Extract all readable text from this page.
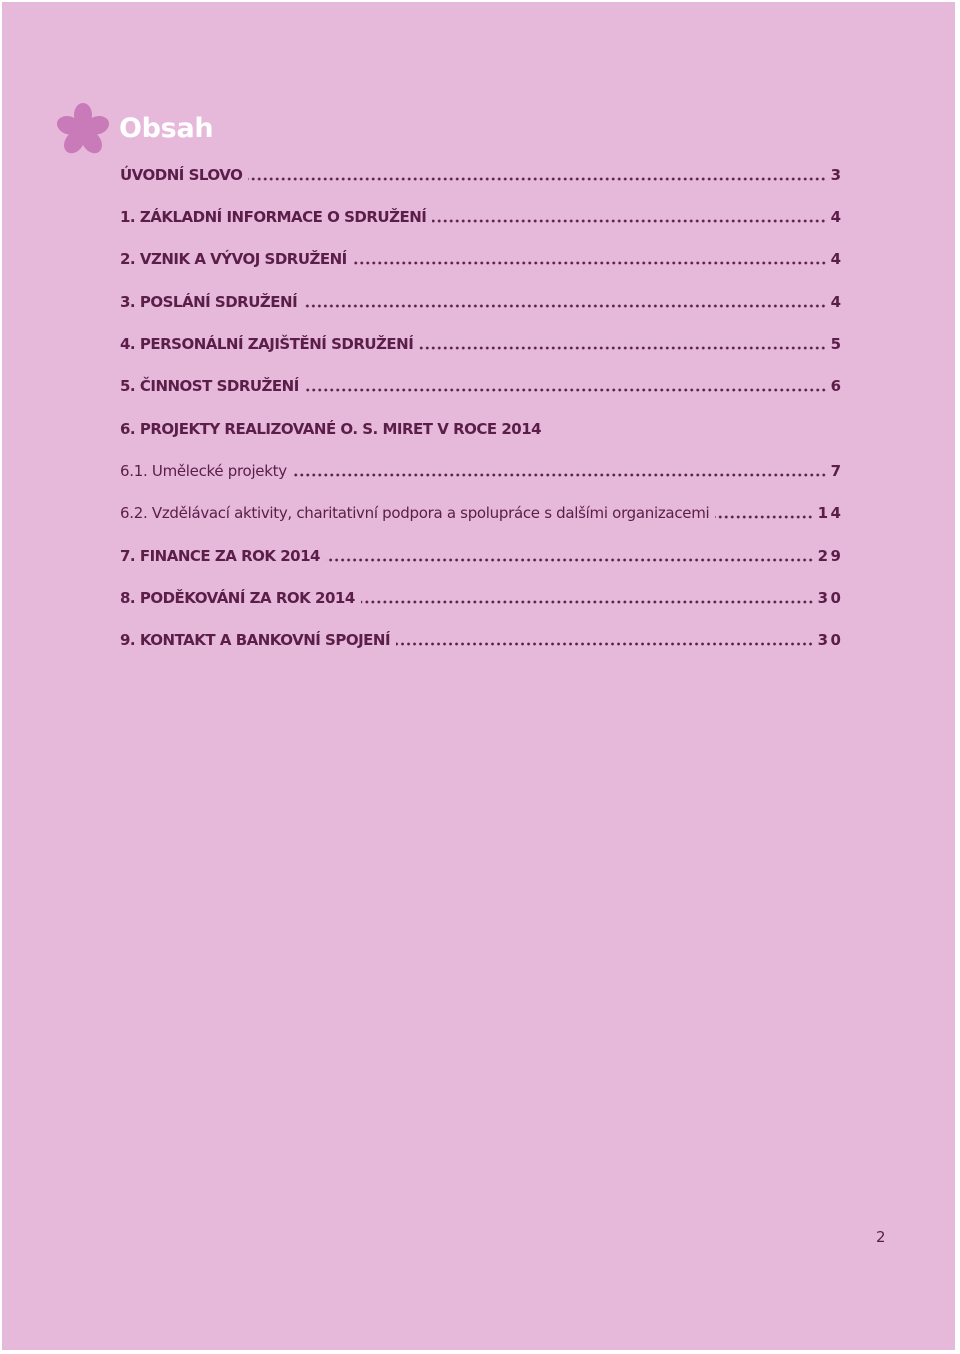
Obsah
ÚVODNÍ SLOVO	3
1. ZÁKLADNÍ INFORMACE O SDRUŽENÍ	4
2. VZNIK A VÝVOJ SDRUŽENÍ	4
3. POSLÁNÍ SDRUŽENÍ	4
4. PERSONÁLNÍ ZAJIŠTĚNÍ SDRUŽENÍ	5
5. ČINNOST SDRUŽENÍ	6
6. PROJEKTY REALIZOVANÉ O. S. MIRET V ROCE 2014
6.1. Umělecké projekty	7
6.2. Vzdělávací aktivity, charitativní podpora a spolupráce s dalšími organizacemi	14
7. FINANCE ZA ROK 2014	29
8. PODĚKOVÁNÍ ZA ROK 2014	30
9. KONTAKT A BANKOVNÍ SPOJENÍ	30
2
